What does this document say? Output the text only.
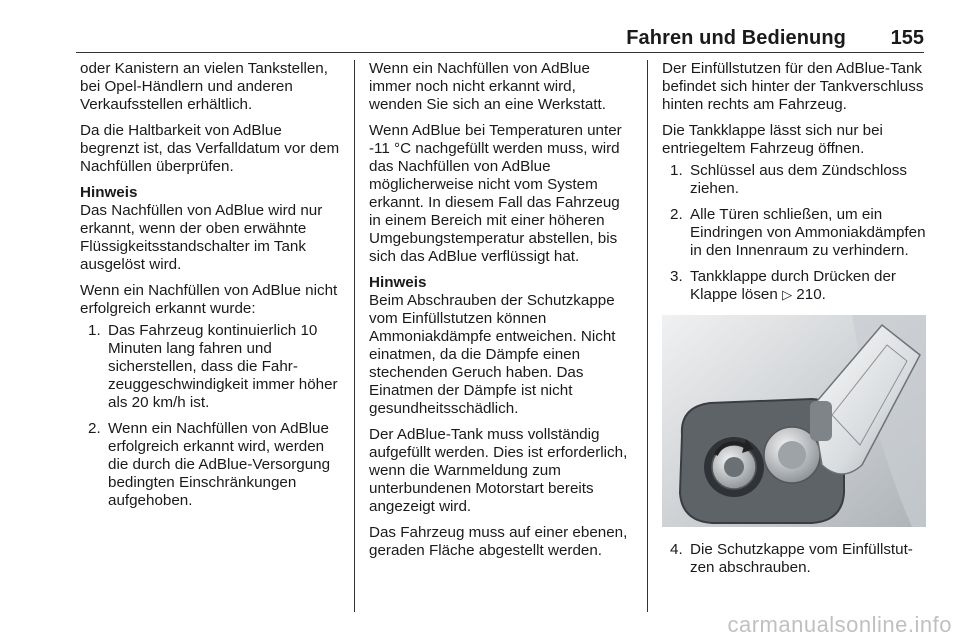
Fahren und Bedienung 155

oder Kanistern an vielen Tankstellen, bei Opel-Händlern und anderen Verkaufsstellen erhältlich.

Da die Haltbarkeit von AdBlue begrenzt ist, das Verfalldatum vor dem Nachfüllen überprüfen.

Hinweis

Das Nachfüllen von AdBlue wird nur erkannt, wenn der oben erwähnte Flüssigkeitsstandschalter im Tank ausgelöst wird.

Wenn ein Nachfüllen von AdBlue nicht erfolgreich erkannt wurde:

1. Das Fahrzeug kontinuierlich 10 Minuten lang fahren und sicherstellen, dass die Fahrzeuggeschwindigkeit immer höher als 20 km/h ist.
2. Wenn ein Nachfüllen von AdBlue erfolgreich erkannt wird, werden die durch die AdBlue-Versorgung bedingten Einschränkungen aufgehoben.

Wenn ein Nachfüllen von AdBlue immer noch nicht erkannt wird, wenden Sie sich an eine Werkstatt.

Wenn AdBlue bei Temperaturen unter -11 °C nachgefüllt werden muss, wird das Nachfüllen von AdBlue möglicherweise nicht vom System erkannt. In diesem Fall das Fahrzeug in einem Bereich mit einer höheren Umgebungstemperatur abstellen, bis sich das AdBlue verflüssigt hat.

Hinweis

Beim Abschrauben der Schutzkappe vom Einfüllstutzen können Ammoniakdämpfe entweichen. Nicht einatmen, da die Dämpfe einen stechenden Geruch haben. Das Einatmen der Dämpfe ist nicht gesundheitsschädlich.

Der AdBlue-Tank muss vollständig aufgefüllt werden. Dies ist erforderlich, wenn die Warnmeldung zum unterbundenen Motorstart bereits angezeigt wird.

Das Fahrzeug muss auf einer ebenen, geraden Fläche abgestellt werden.

Der Einfüllstutzen für den AdBlue-Tank befindet sich hinter der Tankverschluss hinten rechts am Fahrzeug.

Die Tankklappe lässt sich nur bei entriegeltem Fahrzeug öffnen.

1. Schlüssel aus dem Zündschloss ziehen.
2. Alle Türen schließen, um ein Eindringen von Ammoniakdämpfen in den Innenraum zu verhindern.
3. Tankklappe durch Drücken der Klappe lösen ▷ 210.
4. Die Schutzkappe vom Einfüllstutzen abschrauben.
carmanualsonline.info
